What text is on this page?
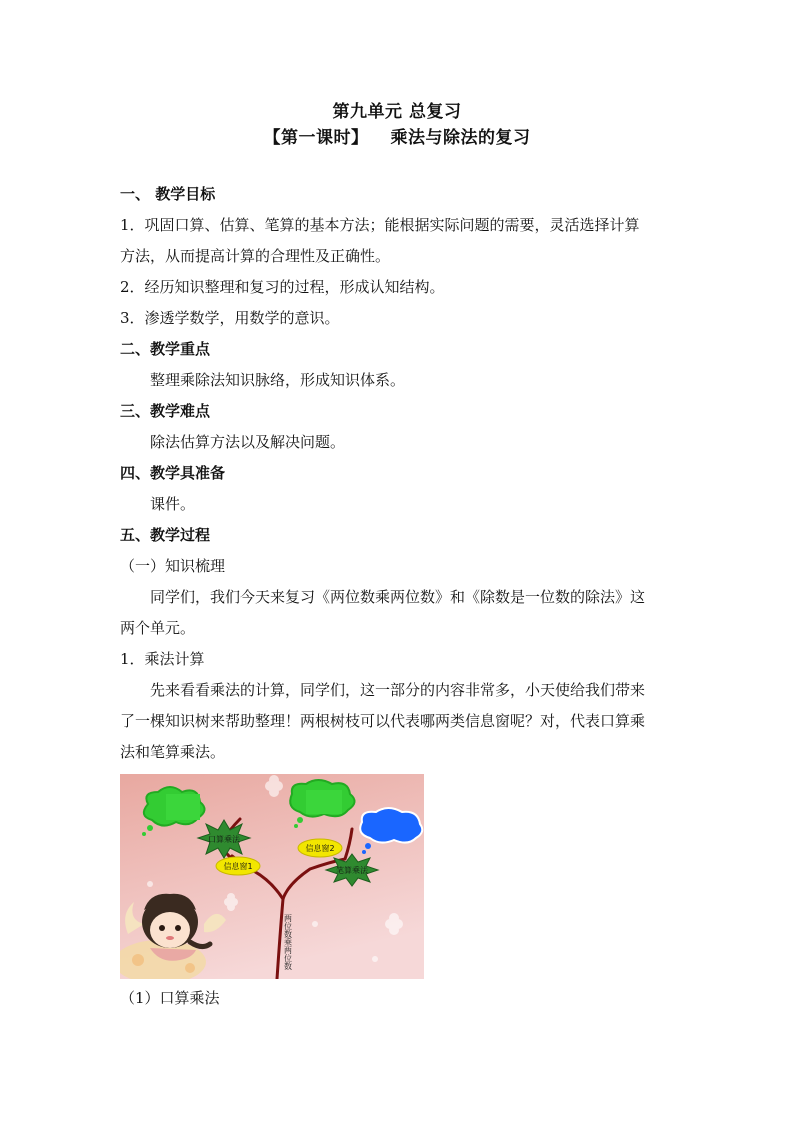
第九单元 总复习
【第一课时】 乘法与除法的复习
一、 教学目标
1．巩固口算、估算、笔算的基本方法；能根据实际问题的需要，灵活选择计算
方法，从而提高计算的合理性及正确性。
2．经历知识整理和复习的过程，形成认知结构。
3．渗透学数学，用数学的意识。
二、教学重点
整理乘除法知识脉络，形成知识体系。
三、教学难点
除法估算方法以及解决问题。
四、教学具准备
课件。
五、教学过程
（一）知识梳理
同学们，我们今天来复习《两位数乘两位数》和《除数是一位数的除法》这
两个单元。
1．乘法计算
先来看看乘法的计算，同学们，这一部分的内容非常多，小天使给我们带来
了一棵知识树来帮助整理！两根树枝可以代表哪两类信息窗呢？对，代表口算乘
法和笔算乘法。
口算乘法
笔算乘法
信息窗1
信息窗2
两位数乘两位数
（1）口算乘法
